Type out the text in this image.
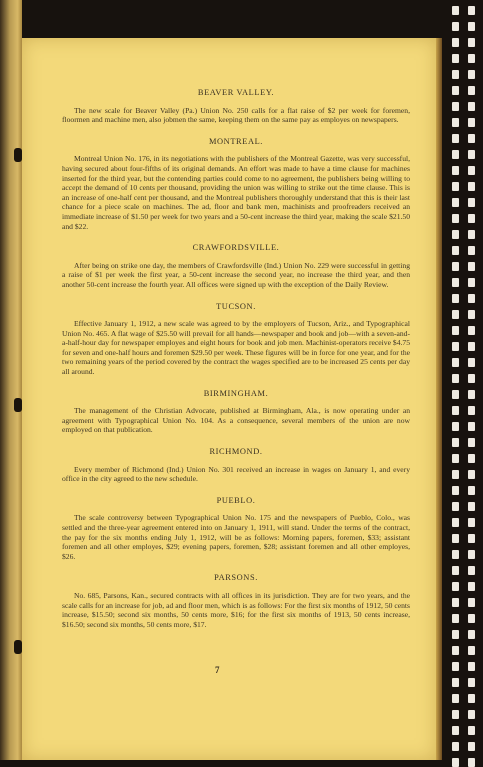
BEAVER VALLEY.

The new scale for Beaver Valley (Pa.) Union No. 250 calls for a flat raise of $2 per week for foremen, floormen and machine men, also jobmen the same, keeping them on the same pay as employes on newspapers.

MONTREAL.

Montreal Union No. 176, in its negotiations with the publishers of the Montreal Gazette, was very successful, having secured about four-fifths of its original demands. An effort was made to have a time clause for machines inserted for the third year, but the contending parties could come to no agreement, the publishers being willing to accept the demand of 10 cents per thousand, providing the union was willing to strike out the time clause. This is an increase of one-half cent per thousand, and the Montreal publishers thoroughly understand that this is their last chance for a piece scale on machines. The ad, floor and bank men, machinists and proofreaders received an immediate increase of $1.50 per week for two years and a 50-cent increase the third year, making the scale $21.50 and $22.

CRAWFORDSVILLE.

After being on strike one day, the members of Crawfordsville (Ind.) Union No. 229 were successful in getting a raise of $1 per week the first year, a 50-cent increase the second year, no increase the third year, and then another 50-cent increase the fourth year. All offices were signed up with the exception of the Daily Review.

TUCSON.

Effective January 1, 1912, a new scale was agreed to by the employers of Tucson, Ariz., and Typographical Union No. 465. A flat wage of $25.50 will prevail for all hands—newspaper and book and job—with a seven-and-a-half-hour day for newspaper employes and eight hours for book and job men. Machinist-operators receive $4.75 for seven and one-half hours and foremen $29.50 per week. These figures will be in force for one year, and for the two remaining years of the period covered by the contract the wages specified are to be increased 25 cents per day all around.

BIRMINGHAM.

The management of the Christian Advocate, published at Birmingham, Ala., is now operating under an agreement with Typographical Union No. 104. As a consequence, several members of the union are now employed on that publication.

RICHMOND.

Every member of Richmond (Ind.) Union No. 301 received an increase in wages on January 1, and every office in the city agreed to the new schedule.

PUEBLO.

The scale controversy between Typographical Union No. 175 and the newspapers of Pueblo, Colo., was settled and the three-year agreement entered into on January 1, 1911, will stand. Under the terms of the contract, the pay for the six months ending July 1, 1912, will be as follows: Morning papers, foremen, $33; assistant foremen and all other employes, $29; evening papers, foremen, $28; assistant foremen and all other employes, $26.

PARSONS.

No. 685, Parsons, Kan., secured contracts with all offices in its jurisdiction. They are for two years, and the scale calls for an increase for job, ad and floor men, which is as follows: For the first six months of 1912, 50 cents increase, $15.50; second six months, 50 cents more, $16; for the first six months of 1913, 50 cents increase, $16.50; second six months, 50 cents more, $17.

7
